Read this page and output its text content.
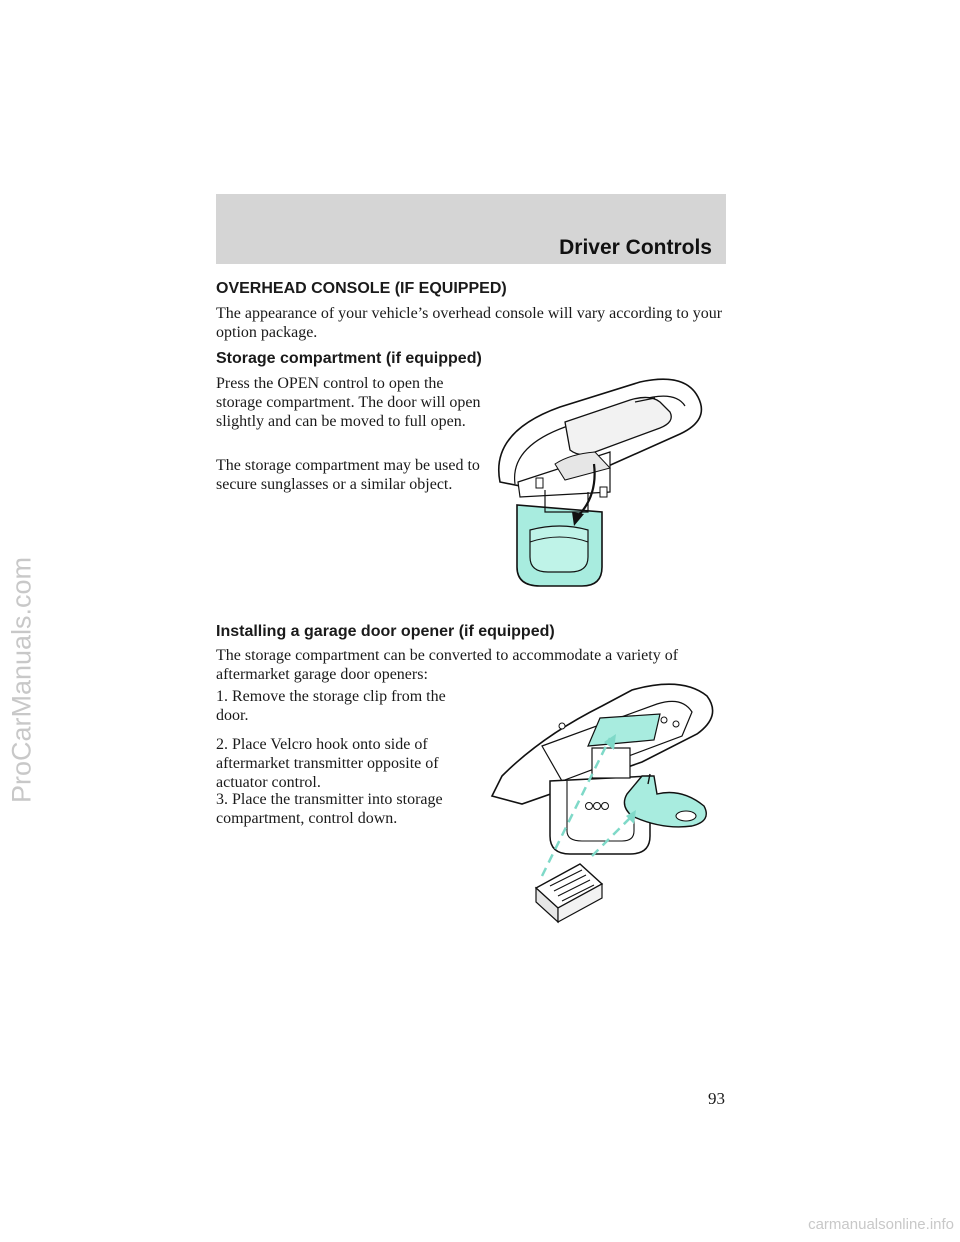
ProCarManuals.com
Driver Controls
OVERHEAD CONSOLE (IF EQUIPPED)

The appearance of your vehicle’s overhead console will vary according to your option package.

Storage compartment (if equipped)

Press the OPEN control to open the storage compartment. The door will open slightly and can be moved to full open.

The storage compartment may be used to secure sunglasses or a similar object.

Installing a garage door opener (if equipped)

The storage compartment can be converted to accommodate a variety of aftermarket garage door openers:

1. Remove the storage clip from the door.

2. Place Velcro hook onto side of aftermarket transmitter opposite of actuator control.

3. Place the transmitter into storage compartment, control down.

93
carmanualsonline.info
